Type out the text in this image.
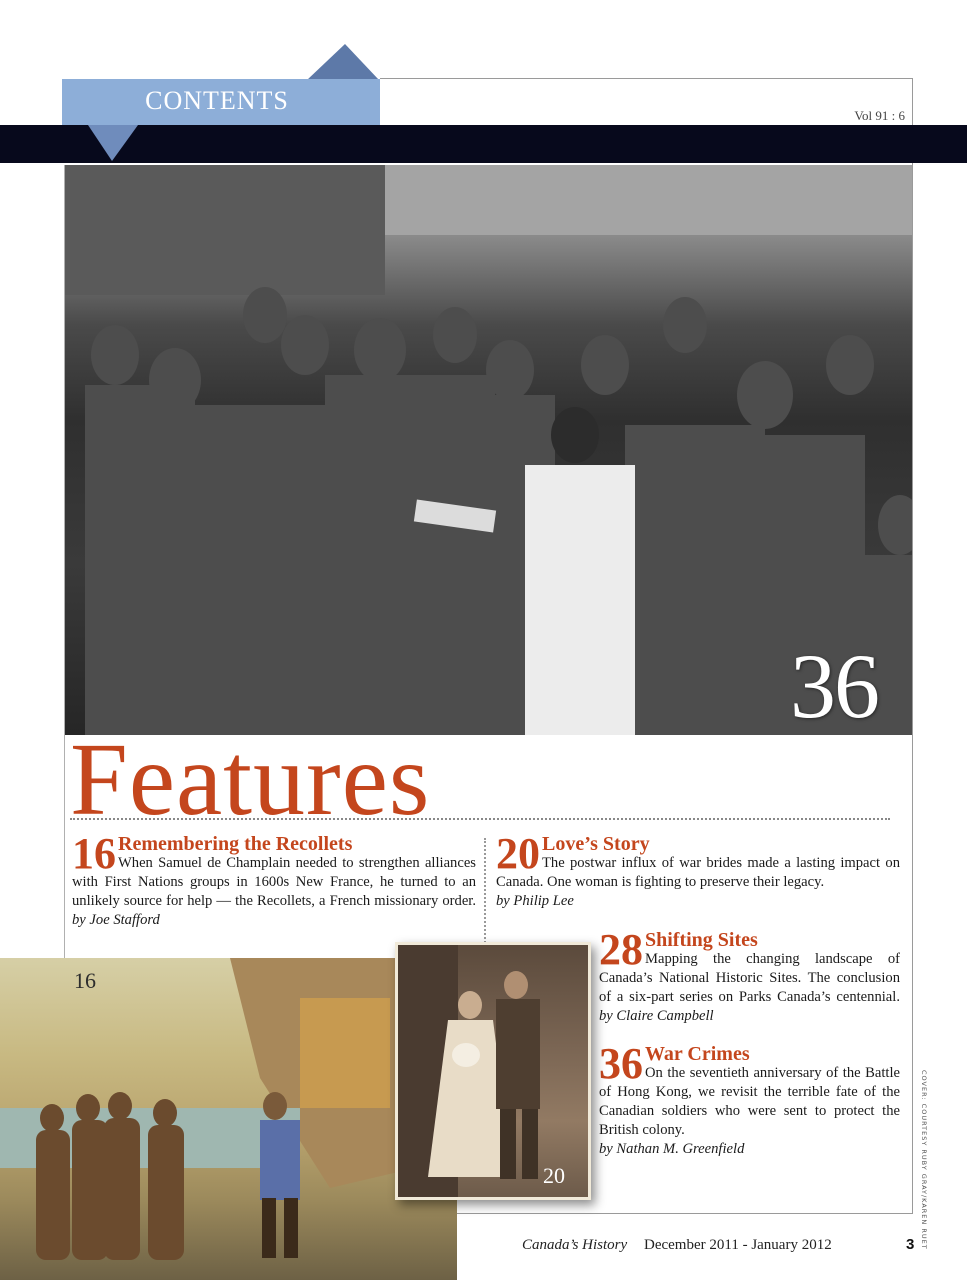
CONTENTS
Vol 91 : 6
36
Features
16 Remembering the Recollets
When Samuel de Champlain needed to strengthen alliances with First Nations groups in 1600s New France, he turned to an unlikely source for help — the Recollets, a French missionary order. by Joe Stafford
20 Love’s Story
The postwar influx of war brides made a lasting impact on Canada. One woman is fighting to preserve their legacy.
by Philip Lee
28 Shifting Sites
Mapping the changing landscape of Canada’s National Historic Sites. The conclusion of a six-part series on Parks Canada’s centennial. by Claire Campbell
36 War Crimes
On the seventieth anniversary of the Battle of Hong Kong, we revisit the terrible fate of the Canadian soldiers who were sent to protect the British colony.
by Nathan M. Greenfield
16
20	COVER: COURTESY RUBY GRAY/KAREN RUET
Canada’s History December 2011 - January 2012	3
